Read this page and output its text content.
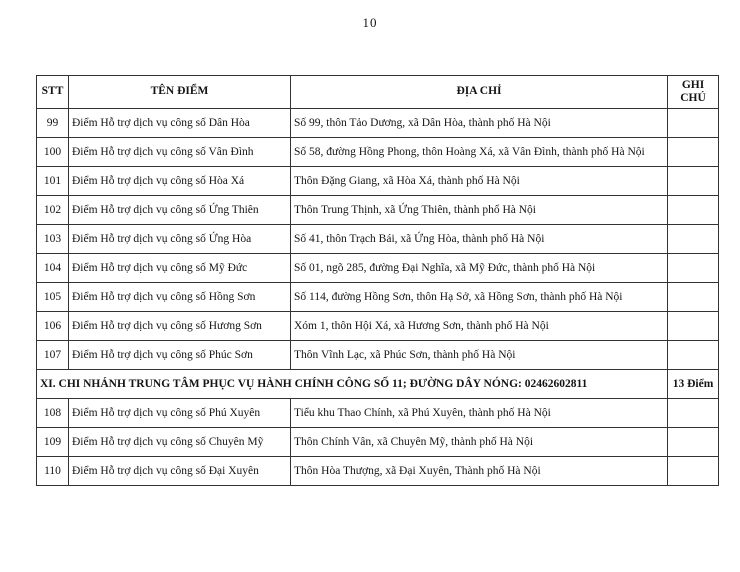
10
STT	TÊN ĐIỂM	ĐỊA CHỈ	GHI CHÚ
99	Điểm Hỗ trợ dịch vụ công số Dân Hòa	Số 99, thôn Tảo Dương, xã Dân Hòa, thành phố Hà Nội	
100	Điểm Hỗ trợ dịch vụ công số Vân Đình	Số 58, đường Hồng Phong, thôn Hoàng Xá, xã Vân Đình, thành phố Hà Nội	
101	Điểm Hỗ trợ dịch vụ công số Hòa Xá	Thôn Đặng Giang, xã Hòa Xá, thành phố Hà Nội	
102	Điểm Hỗ trợ dịch vụ công số Ứng Thiên	Thôn Trung Thịnh, xã Ứng Thiên, thành phố Hà Nội	
103	Điểm Hỗ trợ dịch vụ công số Ứng Hòa	Số 41, thôn Trạch Bái, xã Ứng Hòa, thành phố Hà Nội	
104	Điểm Hỗ trợ dịch vụ công số Mỹ Đức	Số 01, ngõ 285, đường Đại Nghĩa, xã Mỹ Đức, thành phố Hà Nội	
105	Điểm Hỗ trợ dịch vụ công số Hồng Sơn	Số 114, đường Hồng Sơn, thôn Hạ Sở, xã Hồng Sơn, thành phố Hà Nội	
106	Điểm Hỗ trợ dịch vụ công số Hương Sơn	Xóm 1, thôn Hội Xá, xã Hương Sơn, thành phố Hà Nội	
107	Điểm Hỗ trợ dịch vụ công số Phúc Sơn	Thôn Vĩnh Lạc, xã Phúc Sơn, thành phố Hà Nội	
XI. CHI NHÁNH TRUNG TÂM PHỤC VỤ HÀNH CHÍNH CÔNG SỐ 11; ĐƯỜNG DÂY NÓNG: 02462602811			13 Điểm
108	Điểm Hỗ trợ dịch vụ công số Phú Xuyên	Tiểu khu Thao Chính, xã Phú Xuyên, thành phố Hà Nội	
109	Điểm Hỗ trợ dịch vụ công số Chuyên Mỹ	Thôn Chính Vân, xã Chuyên Mỹ, thành phố Hà Nội	
110	Điểm Hỗ trợ dịch vụ công số Đại Xuyên	Thôn Hòa Thượng, xã Đại Xuyên, Thành phố Hà Nội	
